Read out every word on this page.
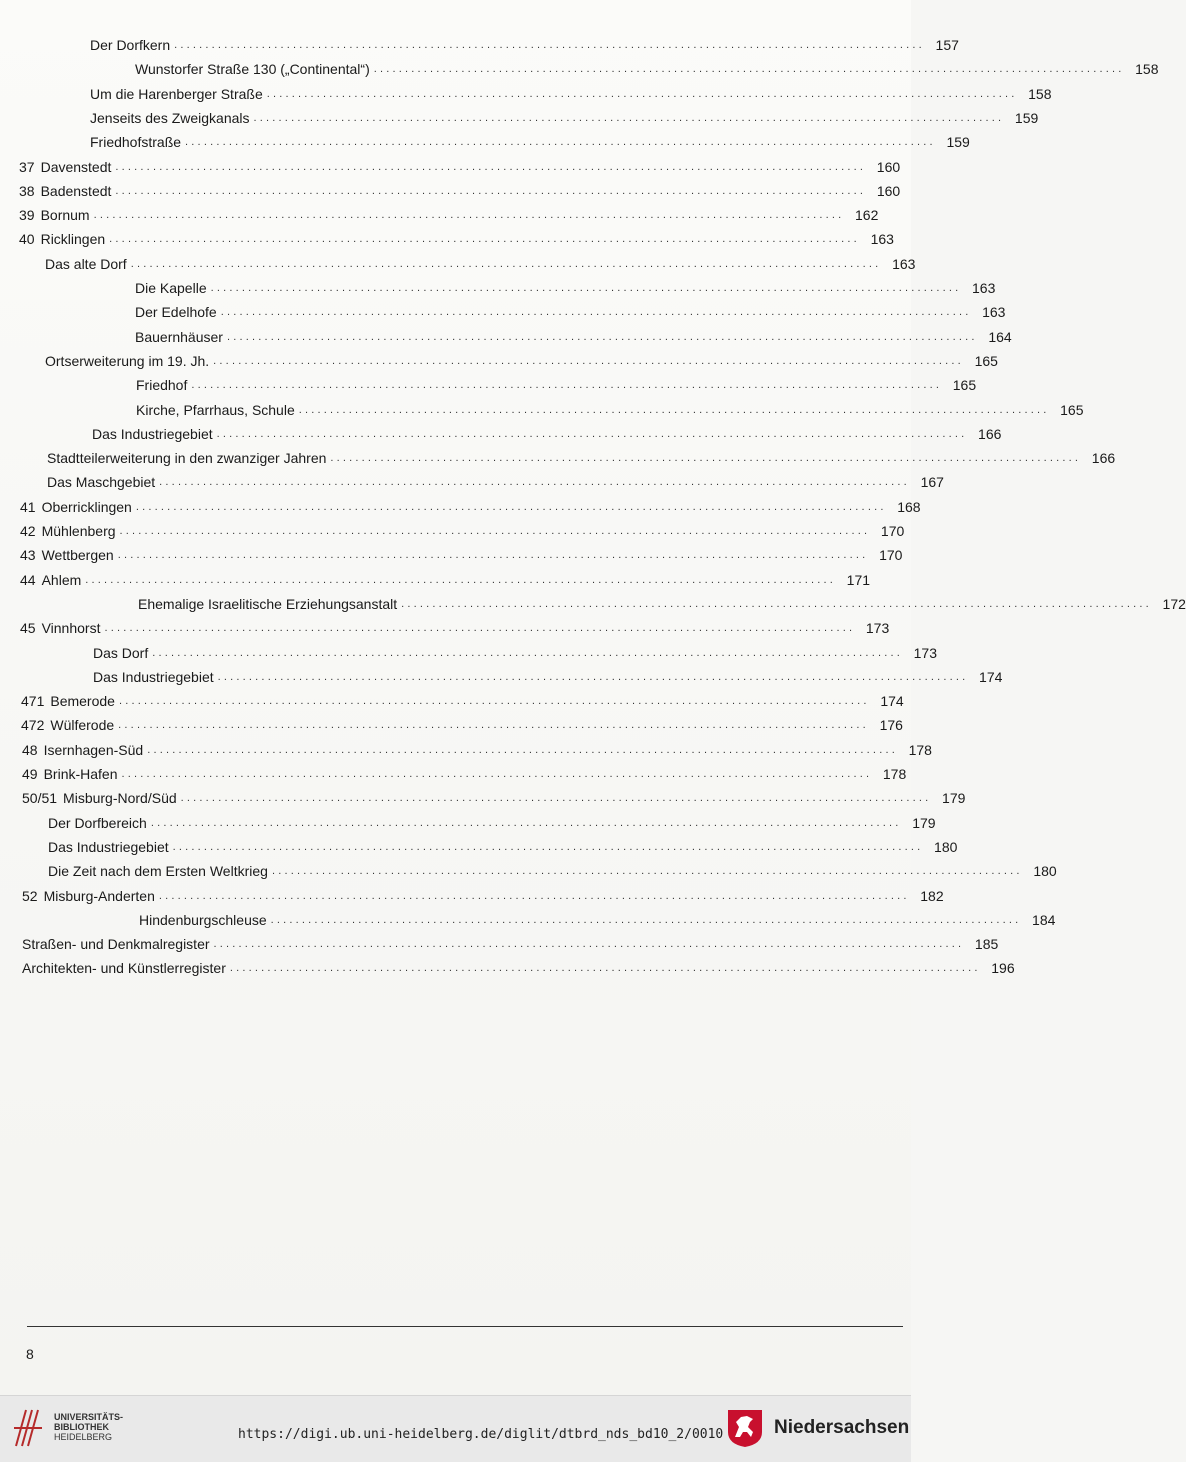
Der Dorfkern ........................................................................................................................ 157
Wunstorfer Straße 130 („Continental“) ........................................................................................................................ 158
Um die Harenberger Straße ........................................................................................................................ 158
Jenseits des Zweigkanals ........................................................................................................................ 159
Friedhofstraße ........................................................................................................................ 159
37 Davenstedt ........................................................................................................................ 160
38 Badenstedt ........................................................................................................................ 160
39 Bornum ........................................................................................................................ 162
40 Ricklingen ........................................................................................................................ 163
Das alte Dorf ........................................................................................................................ 163
Die Kapelle ........................................................................................................................ 163
Der Edelhofe ........................................................................................................................ 163
Bauernhäuser ........................................................................................................................ 164
Ortserweiterung im 19. Jh. ........................................................................................................................ 165
Friedhof ........................................................................................................................ 165
Kirche, Pfarrhaus, Schule ........................................................................................................................ 165
Das Industriegebiet ........................................................................................................................ 166
Stadtteilerweiterung in den zwanziger Jahren ........................................................................................................................ 166
Das Maschgebiet ........................................................................................................................ 167
41 Oberricklingen ........................................................................................................................ 168
42 Mühlenberg ........................................................................................................................ 170
43 Wettbergen ........................................................................................................................ 170
44 Ahlem ........................................................................................................................ 171
Ehemalige Israelitische Erziehungsanstalt ........................................................................................................................ 172
45 Vinnhorst ........................................................................................................................ 173
Das Dorf ........................................................................................................................ 173
Das Industriegebiet ........................................................................................................................ 174
471 Bemerode ........................................................................................................................ 174
472 Wülferode ........................................................................................................................ 176
48 Isernhagen-Süd ........................................................................................................................ 178
49 Brink-Hafen ........................................................................................................................ 178
50/51 Misburg-Nord/Süd ........................................................................................................................ 179
Der Dorfbereich ........................................................................................................................ 179
Das Industriegebiet ........................................................................................................................ 180
Die Zeit nach dem Ersten Weltkrieg ........................................................................................................................ 180
52 Misburg-Anderten ........................................................................................................................ 182
Hindenburgschleuse ........................................................................................................................ 184
Straßen- und Denkmalregister ........................................................................................................................ 185
Architekten- und Künstlerregister ........................................................................................................................ 196
8
UNIVERSITÄTS-
BIBLIOTHEK
HEIDELBERG	https://digi.ub.uni-heidelberg.de/diglit/dtbrd_nds_bd10_2/0010	Niedersachsen
